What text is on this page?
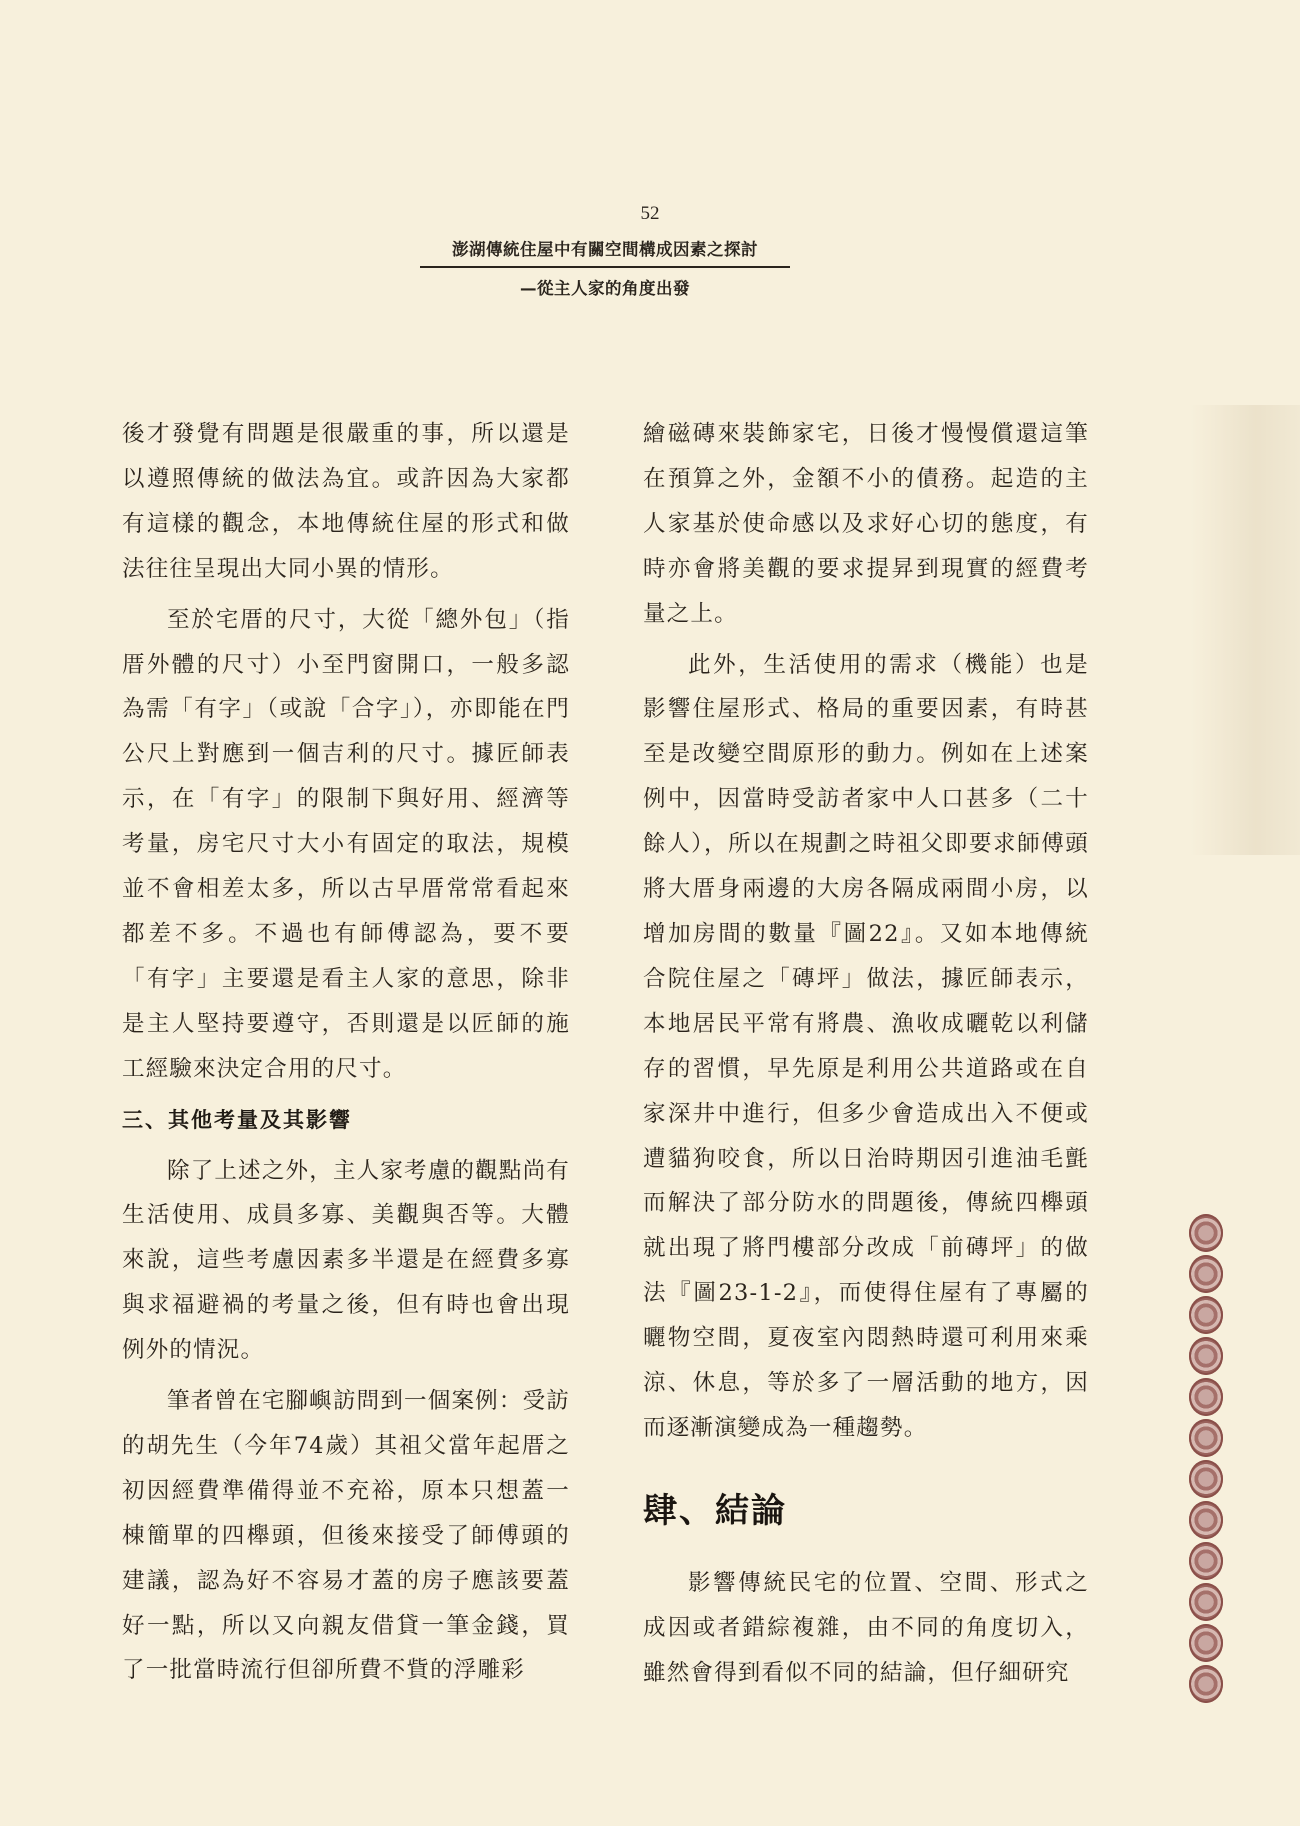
52
澎湖傳統住屋中有關空間構成因素之探討
—從主人家的角度出發

後才發覺有問題是很嚴重的事，所以還是以遵照傳統的做法為宜。或許因為大家都有這樣的觀念，本地傳統住屋的形式和做法往往呈現出大同小異的情形。

至於宅厝的尺寸，大從「總外包」（指厝外體的尺寸）小至門窗開口，一般多認為需「有字」（或說「合字」），亦即能在門公尺上對應到一個吉利的尺寸。據匠師表示，在「有字」的限制下與好用、經濟等考量，房宅尺寸大小有固定的取法，規模並不會相差太多，所以古早厝常常看起來都差不多。不過也有師傅認為，要不要「有字」主要還是看主人家的意思，除非是主人堅持要遵守，否則還是以匠師的施工經驗來決定合用的尺寸。

三、其他考量及其影響

除了上述之外，主人家考慮的觀點尚有生活使用、成員多寡、美觀與否等。大體來說，這些考慮因素多半還是在經費多寡與求福避禍的考量之後，但有時也會出現例外的情況。

筆者曾在宅腳嶼訪問到一個案例：受訪的胡先生（今年74歲）其祖父當年起厝之初因經費準備得並不充裕，原本只想蓋一棟簡單的四櫸頭，但後來接受了師傅頭的建議，認為好不容易才蓋的房子應該要蓋好一點，所以又向親友借貸一筆金錢，買了一批當時流行但卻所費不貲的浮雕彩

繪磁磚來裝飾家宅，日後才慢慢償還這筆在預算之外，金額不小的債務。起造的主人家基於使命感以及求好心切的態度，有時亦會將美觀的要求提昇到現實的經費考量之上。

此外，生活使用的需求（機能）也是影響住屋形式、格局的重要因素，有時甚至是改變空間原形的動力。例如在上述案例中，因當時受訪者家中人口甚多（二十餘人），所以在規劃之時祖父即要求師傅頭將大厝身兩邊的大房各隔成兩間小房，以增加房間的數量『圖22』。又如本地傳統合院住屋之「磚坪」做法，據匠師表示，本地居民平常有將農、漁收成曬乾以利儲存的習慣，早先原是利用公共道路或在自家深井中進行，但多少會造成出入不便或遭貓狗咬食，所以日治時期因引進油毛氈而解決了部分防水的問題後，傳統四櫸頭就出現了將門樓部分改成「前磚坪」的做法『圖23-1-2』，而使得住屋有了專屬的曬物空間，夏夜室內悶熱時還可利用來乘涼、休息，等於多了一層活動的地方，因而逐漸演變成為一種趨勢。

肆、結論

影響傳統民宅的位置、空間、形式之成因或者錯綜複雜，由不同的角度切入，雖然會得到看似不同的結論，但仔細研究
